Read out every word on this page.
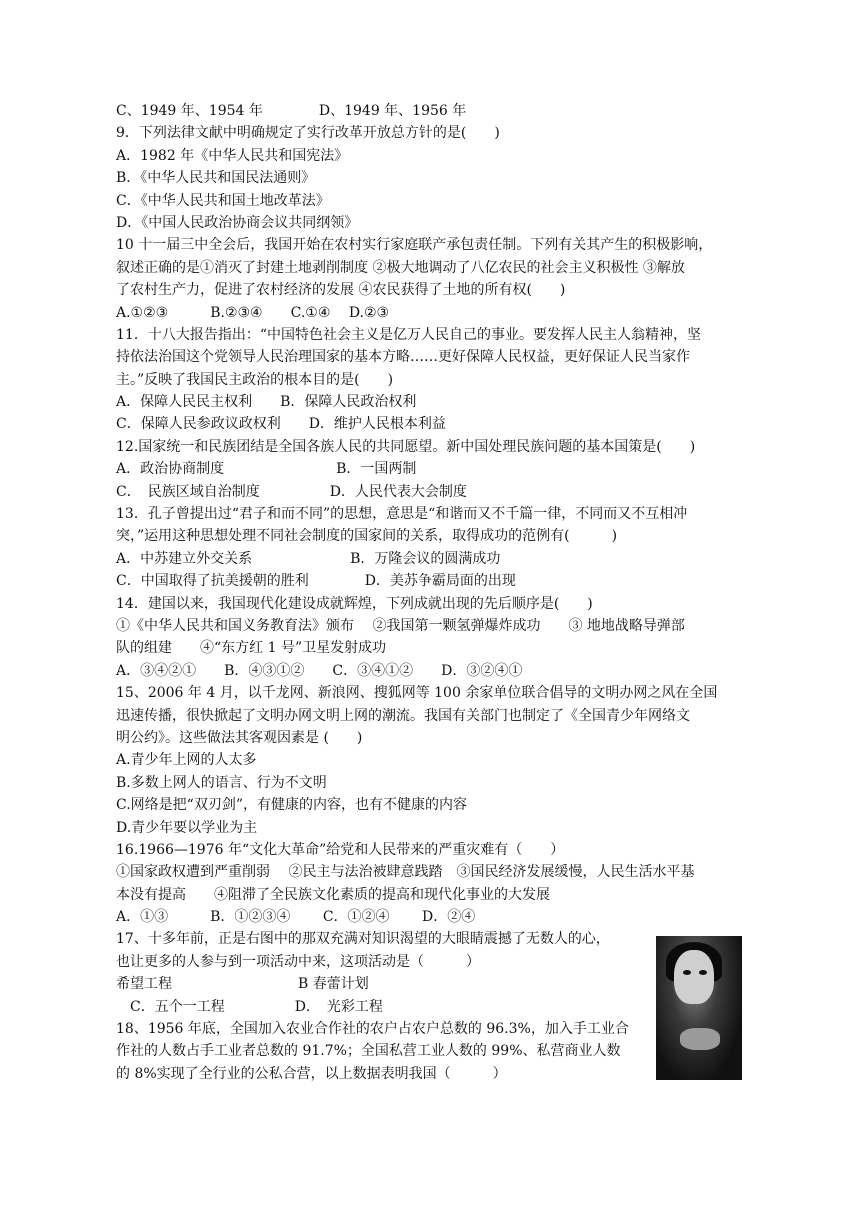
C、1949 年、1954 年　　　　D、1949 年、1956 年
9．下列法律文献中明确规定了实行改革开放总方针的是(　　)
A．1982 年《中华人民共和国宪法》
B．《中华人民共和国民法通则》
C．《中华人民共和国土地改革法》
D．《中国人民政治协商会议共同纲领》
10 十一届三中全会后，我国开始在农村实行家庭联产承包责任制。下列有关其产生的积极影响，
叙述正确的是①消灭了封建土地剥削制度 ②极大地调动了八亿农民的社会主义积极性 ③解放
了农村生产力，促进了农村经济的发展 ④农民获得了土地的所有权(　　)
A.①②③　　　B.②③④　　C.①④　 D.②③
11．十八大报告指出：“中国特色社会主义是亿万人民自己的事业。要发挥人民主人翁精神，坚
持依法治国这个党领导人民治理国家的基本方略……更好保障人民权益，更好保证人民当家作
主。”反映了我国民主政治的根本目的是(　　)
A．保障人民民主权利　　B．保障人民政治权利
C．保障人民参政议政权利　　D．维护人民根本利益
12.国家统一和民族团结是全国各族人民的共同愿望。新中国处理民族问题的基本国策是(　　)
A．政治协商制度　　　　　　　　B．一国两制
C．　民族区域自治制度　　　　　D．人民代表大会制度
13．孔子曾提出过“君子和而不同”的思想，意思是“和谐而又不千篇一律，不同而又不互相冲
突，”运用这种思想处理不同社会制度的国家间的关系，取得成功的范例有(　　　)
A．中苏建立外交关系　　　　　　　B．万隆会议的圆满成功
C．中国取得了抗美援朝的胜利　　　　D．美苏争霸局面的出现
14．建国以来，我国现代化建设成就辉煌，下列成就出现的先后顺序是(　　)
①《中华人民共和国义务教育法》颁布　 ②我国第一颗氢弹爆炸成功　　③ 地地战略导弹部
队的组建　　④“东方红 1 号”卫星发射成功
A．③④②①　　B．④③①②　　C．③④①②　　D．③②④①
15、2006 年 4 月，以千龙网、新浪网、搜狐网等 100 余家单位联合倡导的文明办网之风在全国
迅速传播，很快掀起了文明办网文明上网的潮流。我国有关部门也制定了《全国青少年网络文
明公约》。这些做法其客观因素是 (　　)
A.青少年上网的人太多
B.多数上网人的语言、行为不文明
C.网络是把“双刃剑”，有健康的内容，也有不健康的内容
D.青少年要以学业为主
16.1966—1976 年“文化大革命”给党和人民带来的严重灾难有（　　）
①国家政权遭到严重削弱　 ②民主与法治被肆意践踏　③国民经济发展缓慢，人民生活水平基
本没有提高　　④阻滞了全民族文化素质的提高和现代化事业的大发展
A．①③　　　B．①②③④　　 C．①②④　　 D．②④
17、十多年前，正是右图中的那双充满对知识渴望的大眼睛震撼了无数人的心，
也让更多的人参与到一项活动中来，这项活动是（　　　）
希望工程　　　　　　　　　B 春蕾计划
　C．五个一工程　　　　　D．　光彩工程
18、1956 年底，全国加入农业合作社的农户占农户总数的 96.3%，加入手工业合
作社的人数占手工业者总数的 91.7%；全国私营工业人数的 99%、私营商业人数
的 8%实现了全行业的公私合营，以上数据表明我国（　　　）
